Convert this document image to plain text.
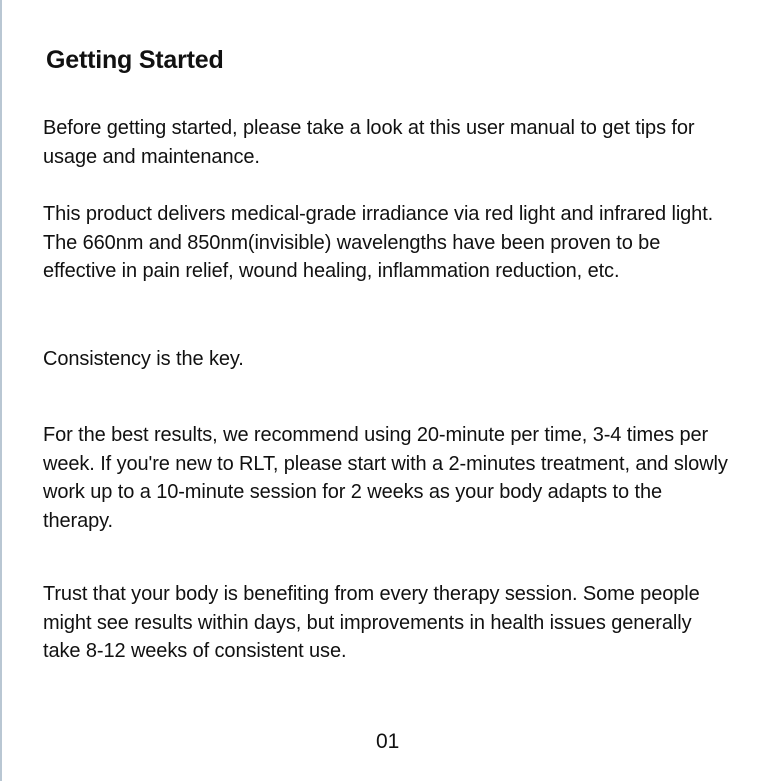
Getting Started

Before getting started, please take a look at this user manual to get tips for usage and maintenance.

This product delivers medical-grade irradiance via red light and infrared light. The 660nm and 850nm(invisible) wavelengths have been proven to be effective in pain relief, wound healing, inflammation reduction, etc.

Consistency is the key.

For the best results, we recommend using 20-minute per time, 3-4 times per week. If you're new to RLT, please start with a 2-minutes treatment, and slowly work up to a 10-minute session for 2 weeks as your body adapts to the therapy.

Trust that your body is benefiting from every therapy session. Some people might see results within days, but improvements in health issues generally take 8-12 weeks of consistent use.

01
